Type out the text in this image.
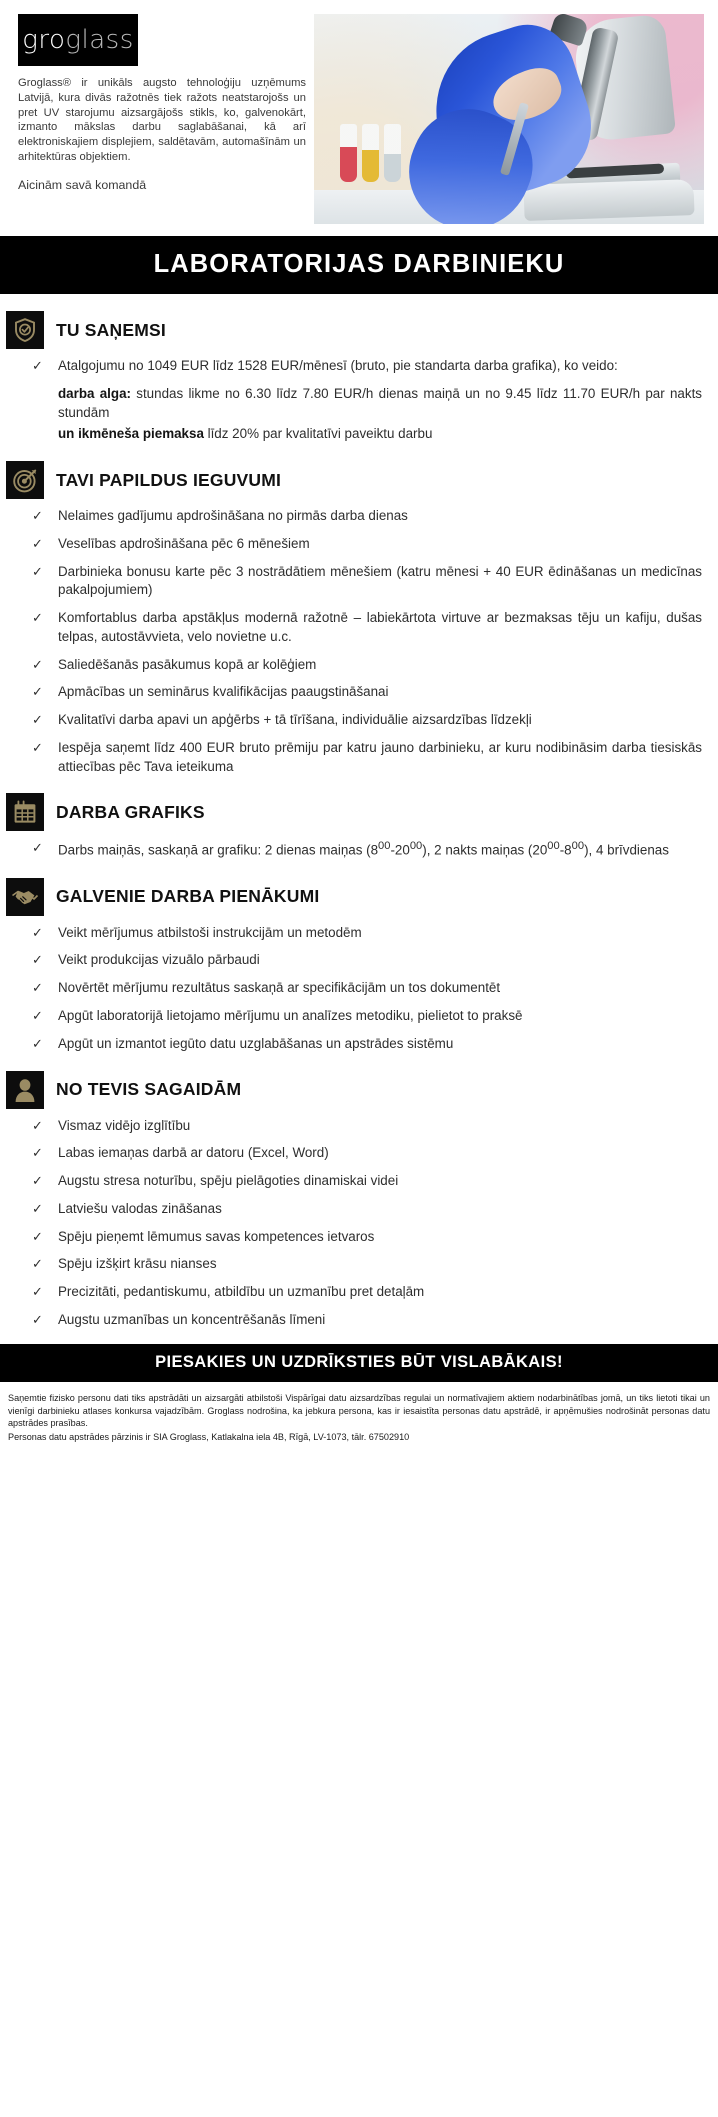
groglass
Groglass® ir unikāls augsto tehnoloģiju uzņēmums Latvijā, kura divās ražotnēs tiek ražots neatstarojošs un pret UV starojumu aizsargājošs stikls, ko, galvenokārt, izmanto mākslas darbu saglabāšanai, kā arī elektroniskajiem displejiem, saldētavām, automašīnām un arhitektūras objektiem.
Aicinām savā komandā
LABORATORIJAS DARBINIEKU
TU SAŅEMSI
✓ Atalgojumu no 1049 EUR līdz 1528 EUR/mēnesī (bruto, pie standarta darba grafika), ko veido:
darba alga: stundas likme no 6.30 līdz 7.80 EUR/h dienas maiņā un no 9.45 līdz 11.70 EUR/h par nakts stundām
un ikmēneša piemaksa līdz 20% par kvalitatīvi paveiktu darbu
TAVI PAPILDUS IEGUVUMI
✓ Nelaimes gadījumu apdrošināšana no pirmās darba dienas
✓ Veselības apdrošināšana pēc 6 mēnešiem
✓ Darbinieka bonusu karte pēc 3 nostrādātiem mēnešiem (katru mēnesi + 40 EUR ēdināšanas un medicīnas pakalpojumiem)
✓ Komfortablus darba apstākļus modernā ražotnē – labiekārtota virtuve ar bezmaksas tēju un kafiju, dušas telpas, autostāvvieta, velo novietne u.c.
✓ Saliedēšanās pasākumus kopā ar kolēģiem
✓ Apmācības un seminārus kvalifikācijas paaugstināšanai
✓ Kvalitatīvi darba apavi un apģērbs + tā tīrīšana, individuālie aizsardzības līdzekļi
✓ Iespēja saņemt līdz 400 EUR bruto prēmiju par katru jauno darbinieku, ar kuru nodibināsim darba tiesiskās attiecības pēc Tava ieteikuma
DARBA GRAFIKS
✓ Darbs maiņās, saskaņā ar grafiku: 2 dienas maiņas $(8^{00}-20^{00})$, 2 nakts maiņas $(20^{00}-8^{00})$, 4 brīvdienas
GALVENIE DARBA PIENĀKUMI
✓ Veikt mērījumus atbilstoši instrukcijām un metodēm
✓ Veikt produkcijas vizuālo pārbaudi
✓ Novērtēt mērījumu rezultātus saskaņā ar specifikācijām un tos dokumentēt
✓ Apgūt laboratorijā lietojamo mērījumu un analīzes metodiku, pielietot to praksē
✓ Apgūt un izmantot iegūto datu uzglabāšanas un apstrādes sistēmu
NO TEVIS SAGAIDĀM
✓ Vismaz vidējo izglītību
✓ Labas iemaņas darbā ar datoru (Excel, Word)
✓ Augstu stresa noturību, spēju pielāgoties dinamiskai videi
✓ Latviešu valodas zināšanas
✓ Spēju pieņemt lēmumus savas kompetences ietvaros
✓ Spēju izšķirt krāsu nianses
✓ Precizitāti, pedantiskumu, atbildību un uzmanību pret detaļām
✓ Augstu uzmanības un koncentrēšanās līmeni
PIESAKIES UN UZDRĪKSTIES BŪT VISLABĀKAIS!

Saņemtie fizisko personu dati tiks apstrādāti un aizsargāti atbilstoši Vispārīgai datu aizsardzības regulai un normatīvajiem aktiem nodarbinātības jomā, un tiks lietoti tikai un vienīgi darbinieku atlases konkursa vajadzībām. Groglass nodrošina, ka jebkura persona, kas ir iesaistīta personas datu apstrādē, ir apņēmušies nodrošināt personas datu apstrādes prasības.

Personas datu apstrādes pārzinis ir SIA Groglass, Katlakalna iela 4B, Rīgā, LV-1073, tālr. 67502910
